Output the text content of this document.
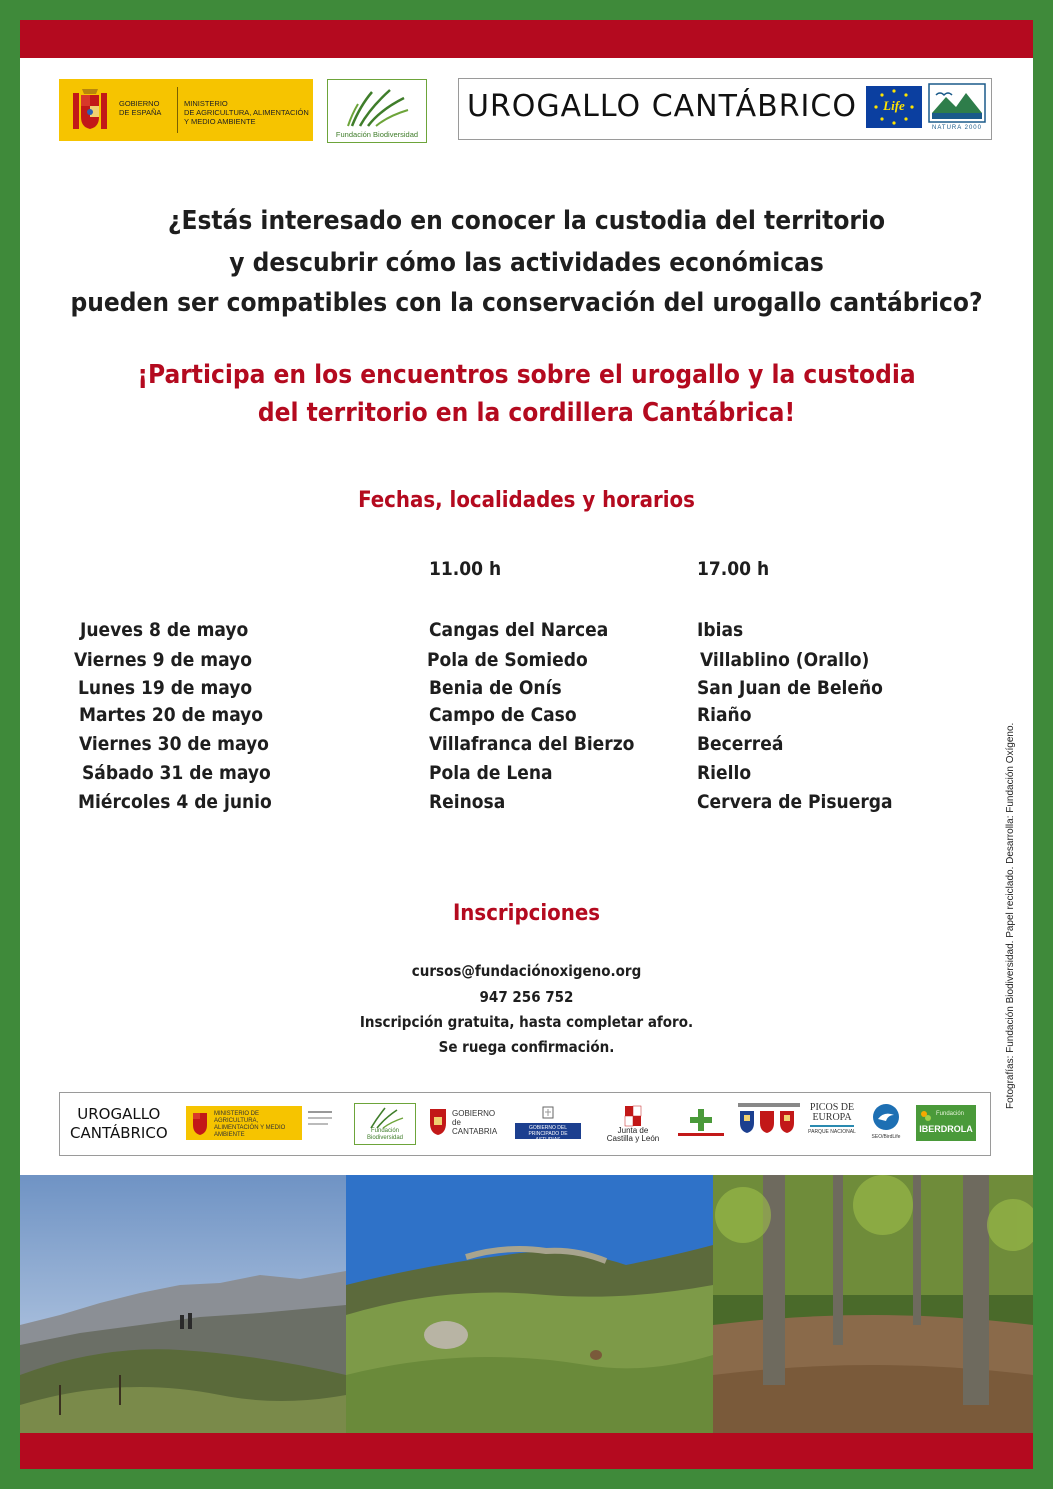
GOBIERNO
DE ESPAÑA
MINISTERIO
DE AGRICULTURA, ALIMENTACIÓN
Y MEDIO AMBIENTE
Fundación Biodiversidad
UROGALLO CANTÁBRICO	Life
NATURA 2000
¿Estás interesado en conocer la custodia del territorio
y descubrir cómo las actividades económicas
pueden ser compatibles con la conservación del urogallo cantábrico?
¡Participa en los encuentros sobre el urogallo y la custodia
del territorio en la cordillera Cantábrica!
Fechas, localidades y horarios
11.00 h	17.00 h
Jueves 8 de mayo	Cangas del Narcea	Ibias
Viernes 9 de mayo	Pola de Somiedo	Villablino (Orallo)
Lunes 19 de mayo	Benia de Onís	San Juan de Beleño
Martes 20 de mayo	Campo de Caso	Riaño
Viernes 30 de mayo	Villafranca del Bierzo	Becerreá
Sábado 31 de mayo	Pola de Lena	Riello
Miércoles 4 de junio	Reinosa	Cervera de Pisuerga
Inscripciones
cursos@fundaciónoxigeno.org
947 256 752
Inscripción gratuita, hasta completar aforo.
Se ruega confirmación.	Fotografías: Fundación Biodiversidad. Papel reciclado. Desarrolla: Fundación Oxígeno.
UROGALLO
CANTÁBRICO
MINISTERIO DE AGRICULTURA, ALIMENTACIÓN Y MEDIO AMBIENTE
Fundación Biodiversidad
GOBIERNO
de
CANTABRIA	GOBIERNO DEL PRINCIPADO DE ASTURIAS
Junta de
Castilla y León
PICOS DE
EUROPA
PARQUE NACIONAL
SEO/BirdLife
Fundación
IBERDROLA
